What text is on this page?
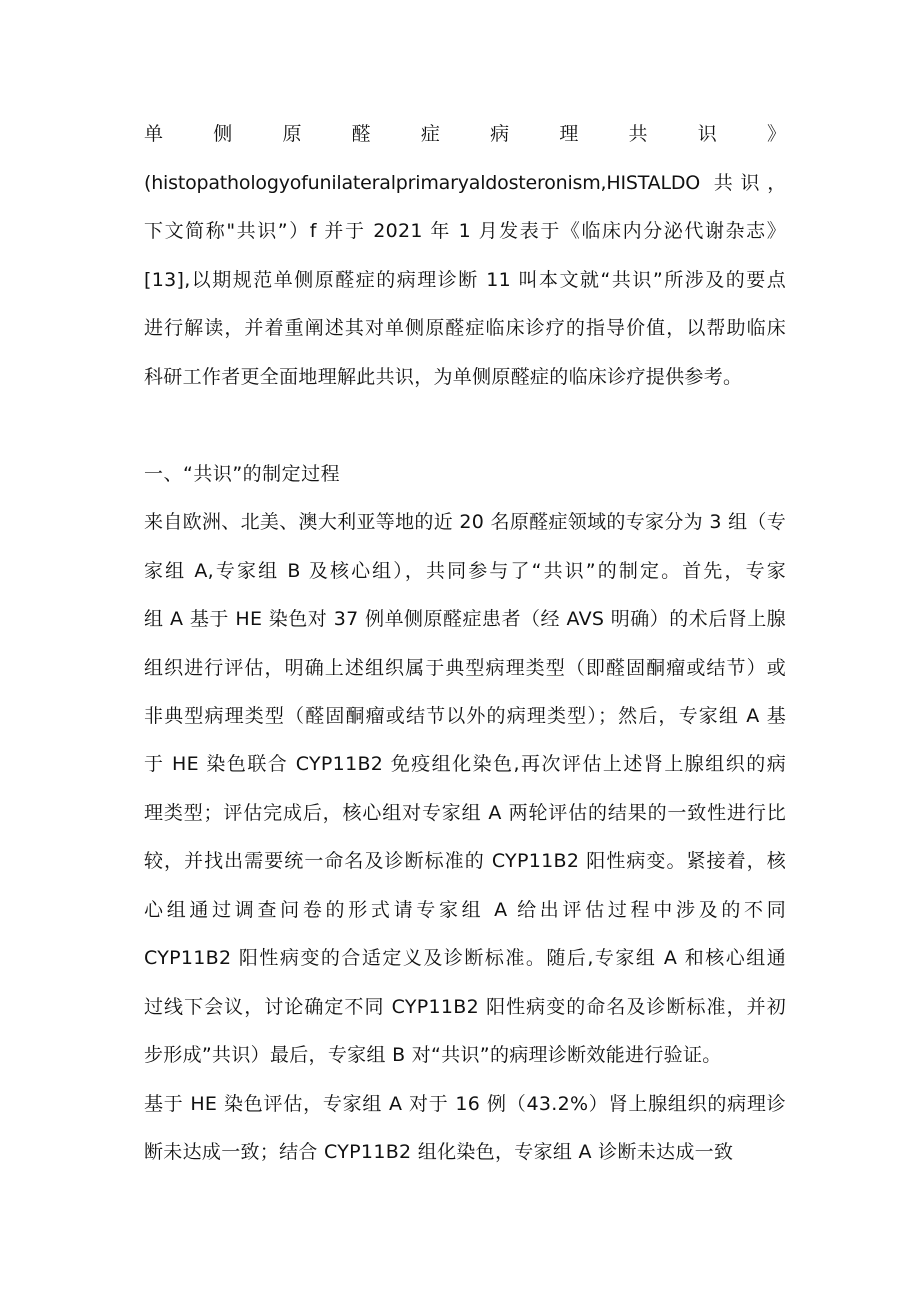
单　侧　原　醛　症　病　理　共　识　》
(histopathologyofunilateralprimaryaldosteronism,HISTALDO 共识，
下文简称"共识”）f 并于 2021 年 1 月发表于《临床内分泌代谢杂志》
[13],以期规范单侧原醛症的病理诊断 11 叫本文就“共识”所涉及的要点
进行解读，并着重阐述其对单侧原醛症临床诊疗的指导价值，以帮助临床
科研工作者更全面地理解此共识，为单侧原醛症的临床诊疗提供参考。
一、“共识”的制定过程
来自欧洲、北美、澳大利亚等地的近 20 名原醛症领域的专家分为 3 组（专
家组 A,专家组 B 及核心组），共同参与了“共识”的制定。首先，专家
组 A 基于 HE 染色对 37 例单侧原醛症患者（经 AVS 明确）的术后肾上腺
组织进行评估，明确上述组织属于典型病理类型（即醛固酮瘤或结节）或
非典型病理类型（醛固酮瘤或结节以外的病理类型）；然后，专家组 A 基
于 HE 染色联合 CYP11B2 免疫组化染色,再次评估上述肾上腺组织的病
理类型；评估完成后，核心组对专家组 A 两轮评估的结果的一致性进行比
较，并找出需要统一命名及诊断标准的 CYP11B2 阳性病变。紧接着，核
心组通过调查问卷的形式请专家组 A 给出评估过程中涉及的不同
CYP11B2 阳性病变的合适定义及诊断标准。随后,专家组 A 和核心组通
过线下会议，讨论确定不同 CYP11B2 阳性病变的命名及诊断标准，并初
步形成”共识）最后，专家组 B 对“共识”的病理诊断效能进行验证。
基于 HE 染色评估，专家组 A 对于 16 例（43.2%）肾上腺组织的病理诊
断未达成一致；结合 CYP11B2 组化染色，专家组 A 诊断未达成一致
